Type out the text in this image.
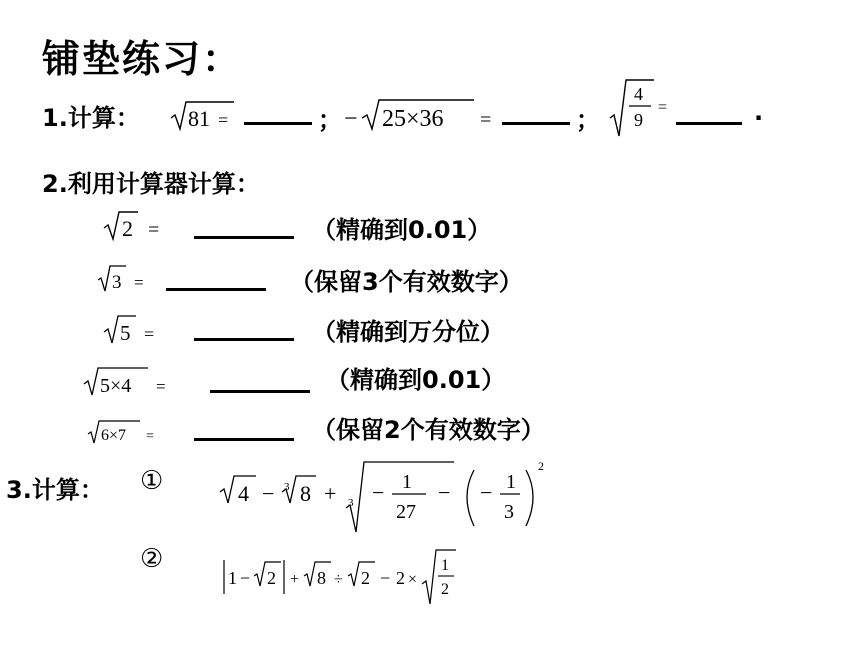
铺垫练习：
1.计算： 81 =	； − 25×36 =	；
4
9
=	.
2.利用计算器计算：
2 =	（精确到0.01）
3 =	（保留3个有效数字）
5 =	（精确到万分位）
5×4 =	（精确到0.01）
6×7 =	（保留2个有效数字）
3.计算： ①	4 − 3 8 + 3 − 1
27
− − 1
3
2
②
1 − 2 + 8 ÷ 2 − 2 ×
1
2
